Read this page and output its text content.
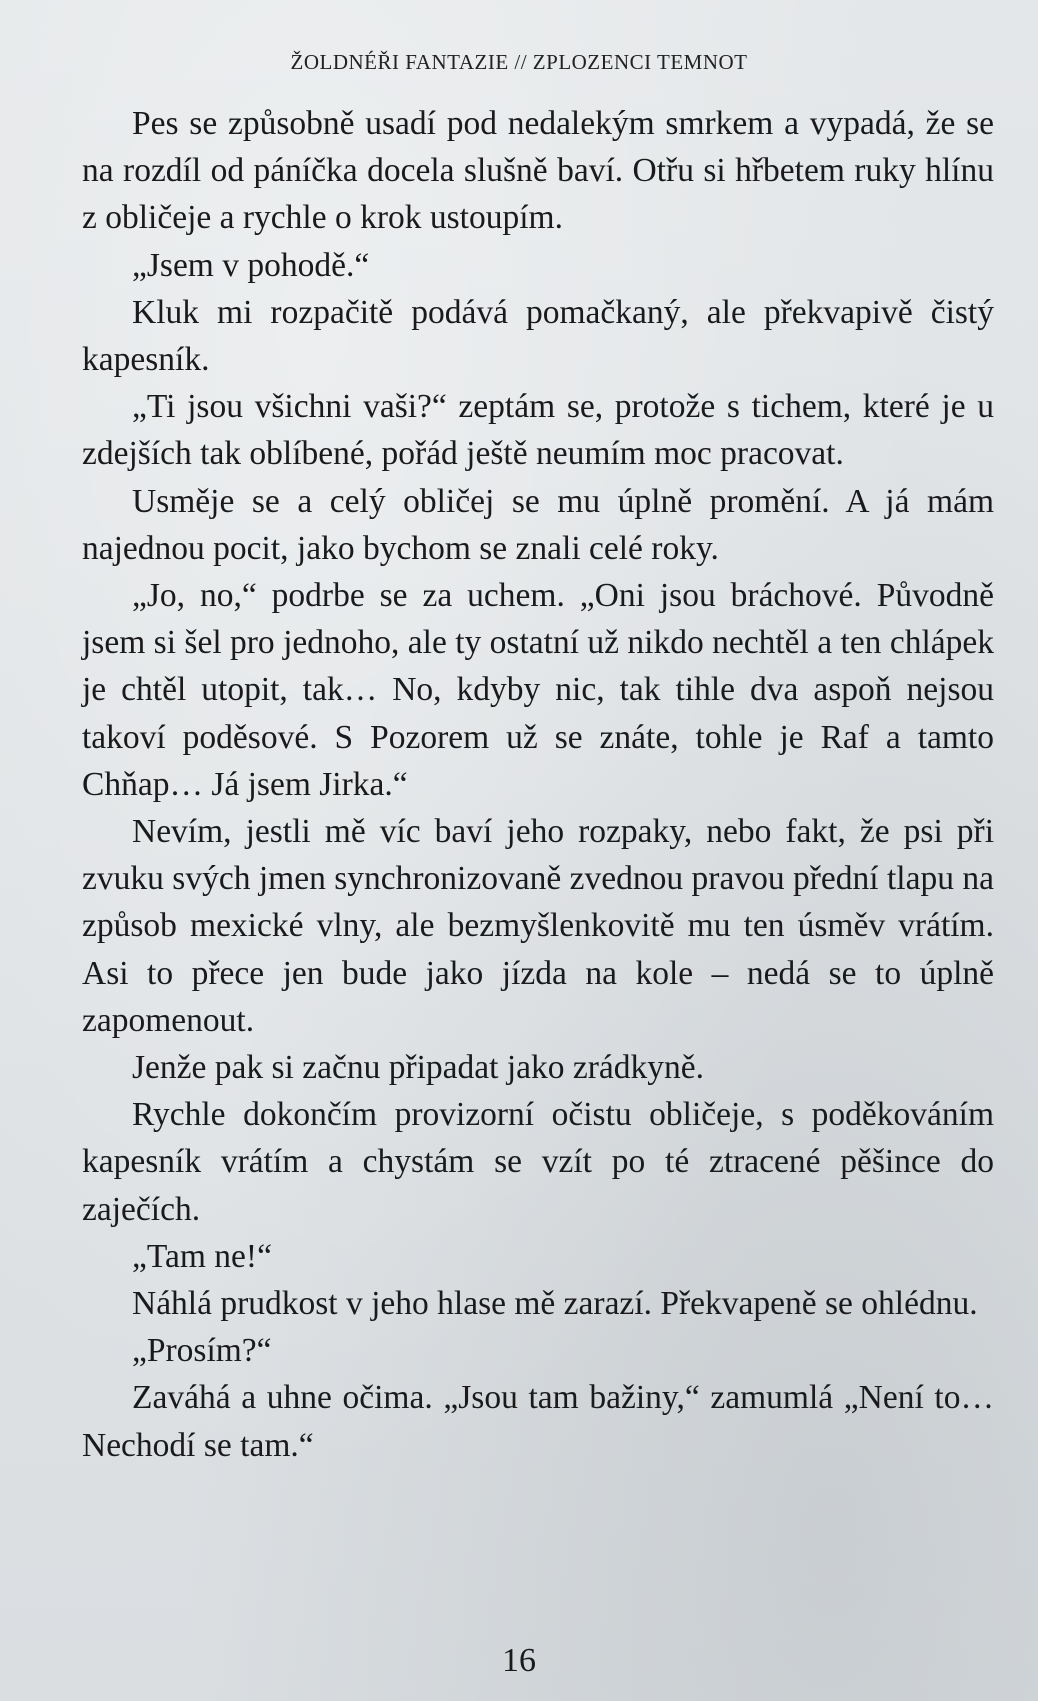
ŽOLDNÉŘI FANTAZIE // ZPLOZENCI TEMNOT

Pes se způsobně usadí pod nedalekým smrkem a vypadá, že se na rozdíl od páníčka docela slušně baví. Otřu si hřbetem ruky hlínu z obličeje a rychle o krok ustoupím.

„Jsem v pohodě.“

Kluk mi rozpačitě podává pomačkaný, ale překvapivě čistý kapesník.

„Ti jsou všichni vaši?“ zeptám se, protože s tichem, které je u zdejších tak oblíbené, pořád ještě neumím moc pracovat.

Usměje se a celý obličej se mu úplně promění. A já mám najednou pocit, jako bychom se znali celé roky.

„Jo, no,“ podrbe se za uchem. „Oni jsou bráchové. Původně jsem si šel pro jednoho, ale ty ostatní už nikdo nechtěl a ten chlápek je chtěl utopit, tak… No, kdyby nic, tak tihle dva aspoň nejsou takoví poděsové. S Pozorem už se znáte, tohle je Raf a tamto Chňap… Já jsem Jirka.“

Nevím, jestli mě víc baví jeho rozpaky, nebo fakt, že psi při zvuku svých jmen synchronizovaně zvednou pravou přední tlapu na způsob mexické vlny, ale bezmyšlenkovitě mu ten úsměv vrátím. Asi to přece jen bude jako jízda na kole – nedá se to úplně zapomenout.

Jenže pak si začnu připadat jako zrádkyně.

Rychle dokončím provizorní očistu obličeje, s poděkováním kapesník vrátím a chystám se vzít po té ztracené pěšince do zaječích.

„Tam ne!“

Náhlá prudkost v jeho hlase mě zarazí. Překvapeně se ohlédnu.

„Prosím?“

Zaváhá a uhne očima. „Jsou tam bažiny,“ zamumlá „Není to… Nechodí se tam.“

16
